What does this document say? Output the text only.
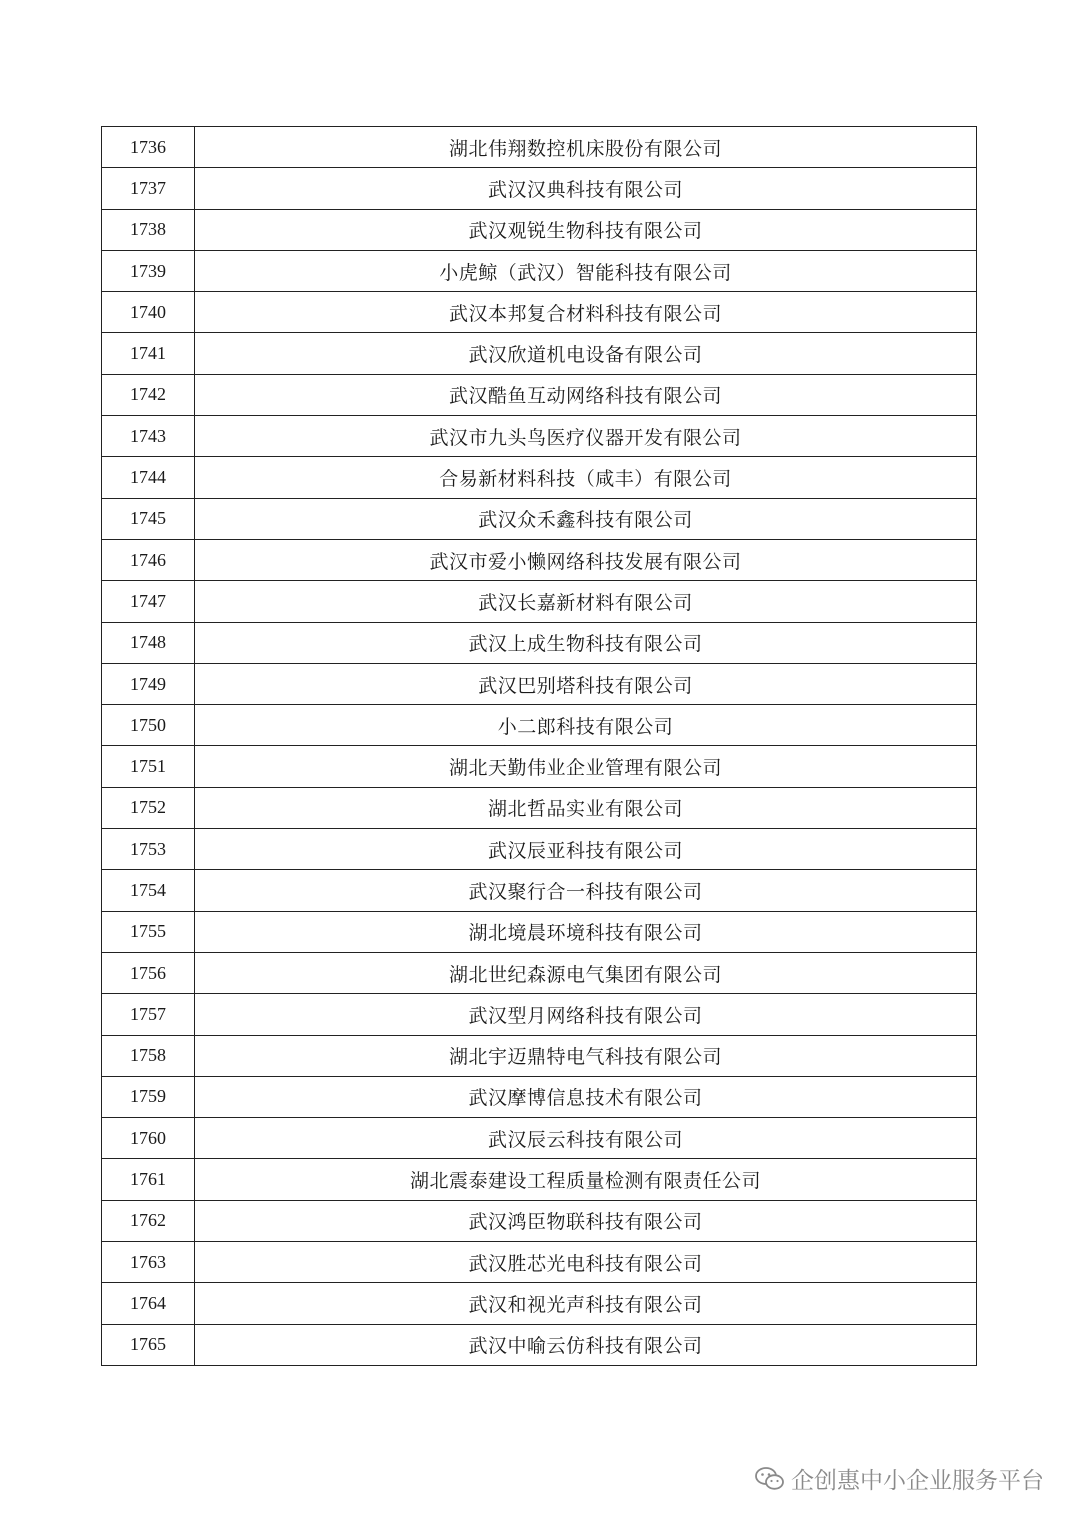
1736	湖北伟翔数控机床股份有限公司
1737	武汉汉典科技有限公司
1738	武汉观锐生物科技有限公司
1739	小虎鲸（武汉）智能科技有限公司
1740	武汉本邦复合材料科技有限公司
1741	武汉欣道机电设备有限公司
1742	武汉酷鱼互动网络科技有限公司
1743	武汉市九头鸟医疗仪器开发有限公司
1744	合易新材料科技（咸丰）有限公司
1745	武汉众禾鑫科技有限公司
1746	武汉市爱小懒网络科技发展有限公司
1747	武汉长嘉新材料有限公司
1748	武汉上成生物科技有限公司
1749	武汉巴别塔科技有限公司
1750	小二郎科技有限公司
1751	湖北天勤伟业企业管理有限公司
1752	湖北哲品实业有限公司
1753	武汉辰亚科技有限公司
1754	武汉聚行合一科技有限公司
1755	湖北境晨环境科技有限公司
1756	湖北世纪森源电气集团有限公司
1757	武汉型月网络科技有限公司
1758	湖北宇迈鼎特电气科技有限公司
1759	武汉摩博信息技术有限公司
1760	武汉辰云科技有限公司
1761	湖北震泰建设工程质量检测有限责任公司
1762	武汉鸿臣物联科技有限公司
1763	武汉胜芯光电科技有限公司
1764	武汉和视光声科技有限公司
1765	武汉中喻云仿科技有限公司
企创惠中小企业服务平台
